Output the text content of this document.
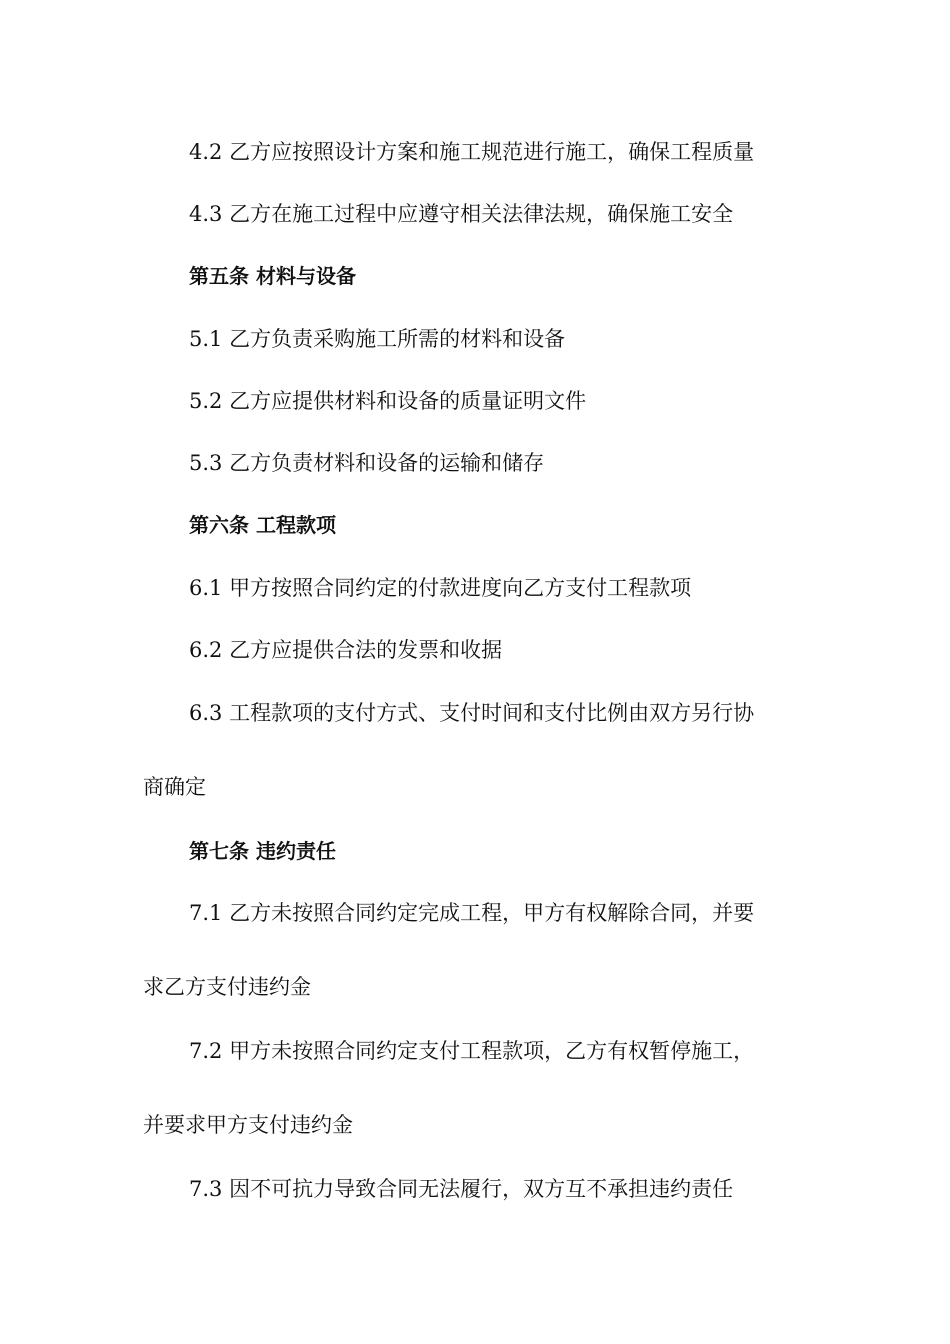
4.2 乙方应按照设计方案和施工规范进行施工，确保工程质量
4.3 乙方在施工过程中应遵守相关法律法规，确保施工安全
第五条 材料与设备
5.1 乙方负责采购施工所需的材料和设备
5.2 乙方应提供材料和设备的质量证明文件
5.3 乙方负责材料和设备的运输和储存
第六条 工程款项
6.1 甲方按照合同约定的付款进度向乙方支付工程款项
6.2 乙方应提供合法的发票和收据
6.3 工程款项的支付方式、支付时间和支付比例由双方另行协
商确定
第七条 违约责任
7.1 乙方未按照合同约定完成工程，甲方有权解除合同，并要
求乙方支付违约金
7.2 甲方未按照合同约定支付工程款项，乙方有权暂停施工，
并要求甲方支付违约金
7.3 因不可抗力导致合同无法履行，双方互不承担违约责任
